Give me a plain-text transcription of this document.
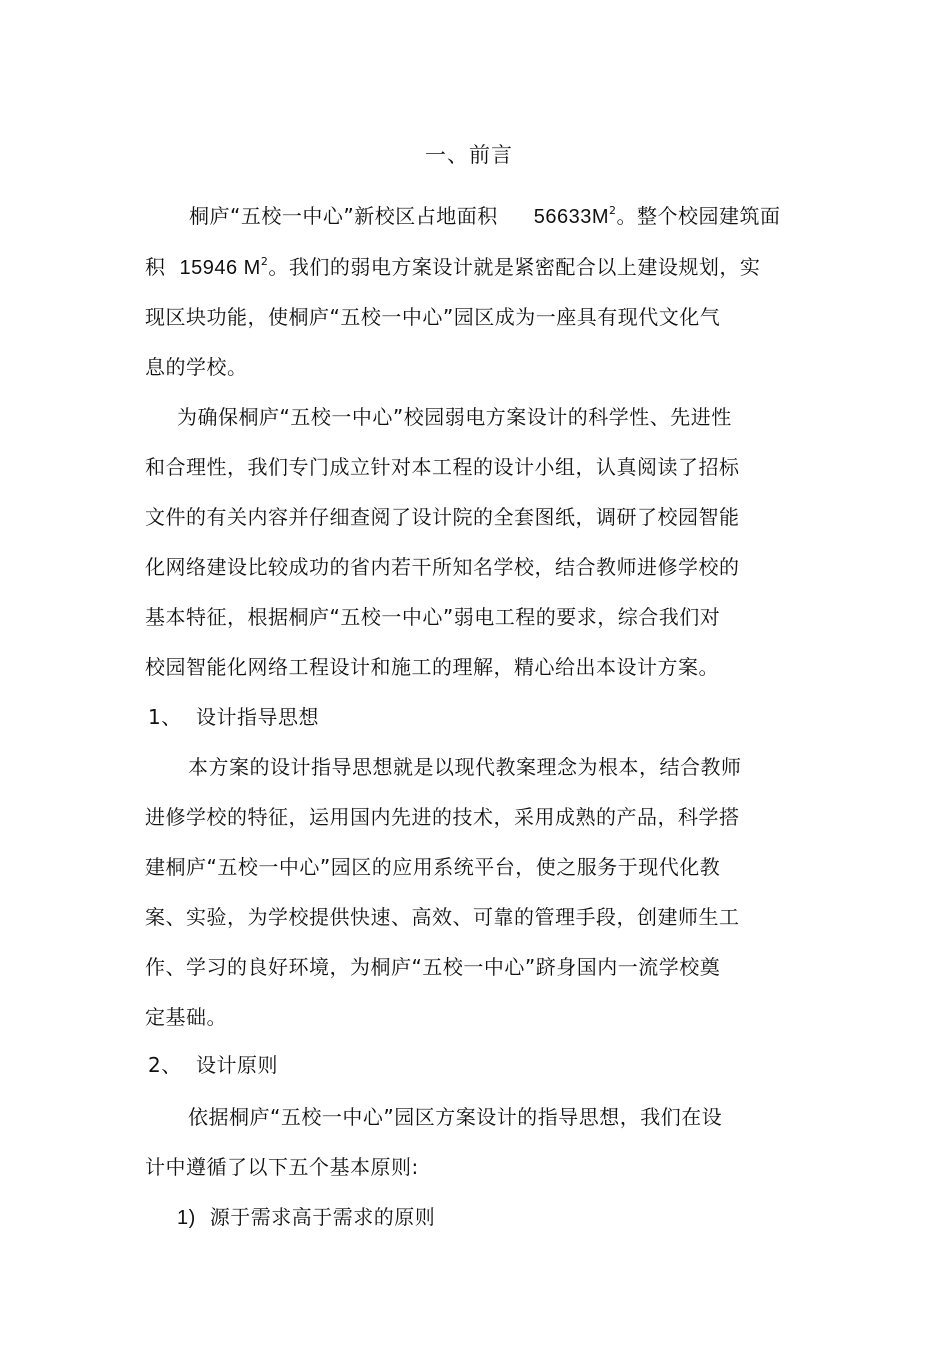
一、前言
桐庐“五校一中心”新校区占地面积 $56633M^2$。整个校园建筑面
积 15946 $M^2$。我们的弱电方案设计就是紧密配合以上建设规划，实
现区块功能，使桐庐“五校一中心”园区成为一座具有现代文化气
息的学校。
为确保桐庐“五校一中心”校园弱电方案设计的科学性、先进性
和合理性，我们专门成立针对本工程的设计小组，认真阅读了招标
文件的有关内容并仔细查阅了设计院的全套图纸，调研了校园智能
化网络建设比较成功的省内若干所知名学校，结合教师进修学校的
基本特征，根据桐庐“五校一中心”弱电工程的要求，综合我们对
校园智能化网络工程设计和施工的理解，精心给出本设计方案。
1、 设计指导思想
本方案的设计指导思想就是以现代教案理念为根本，结合教师
进修学校的特征，运用国内先进的技术，采用成熟的产品，科学搭
建桐庐“五校一中心”园区的应用系统平台，使之服务于现代化教
案、实验，为学校提供快速、高效、可靠的管理手段，创建师生工
作、学习的良好环境，为桐庐“五校一中心”跻身国内一流学校奠
定基础。
2、 设计原则
依据桐庐“五校一中心”园区方案设计的指导思想，我们在设
计中遵循了以下五个基本原则:
1) 源于需求高于需求的原则
